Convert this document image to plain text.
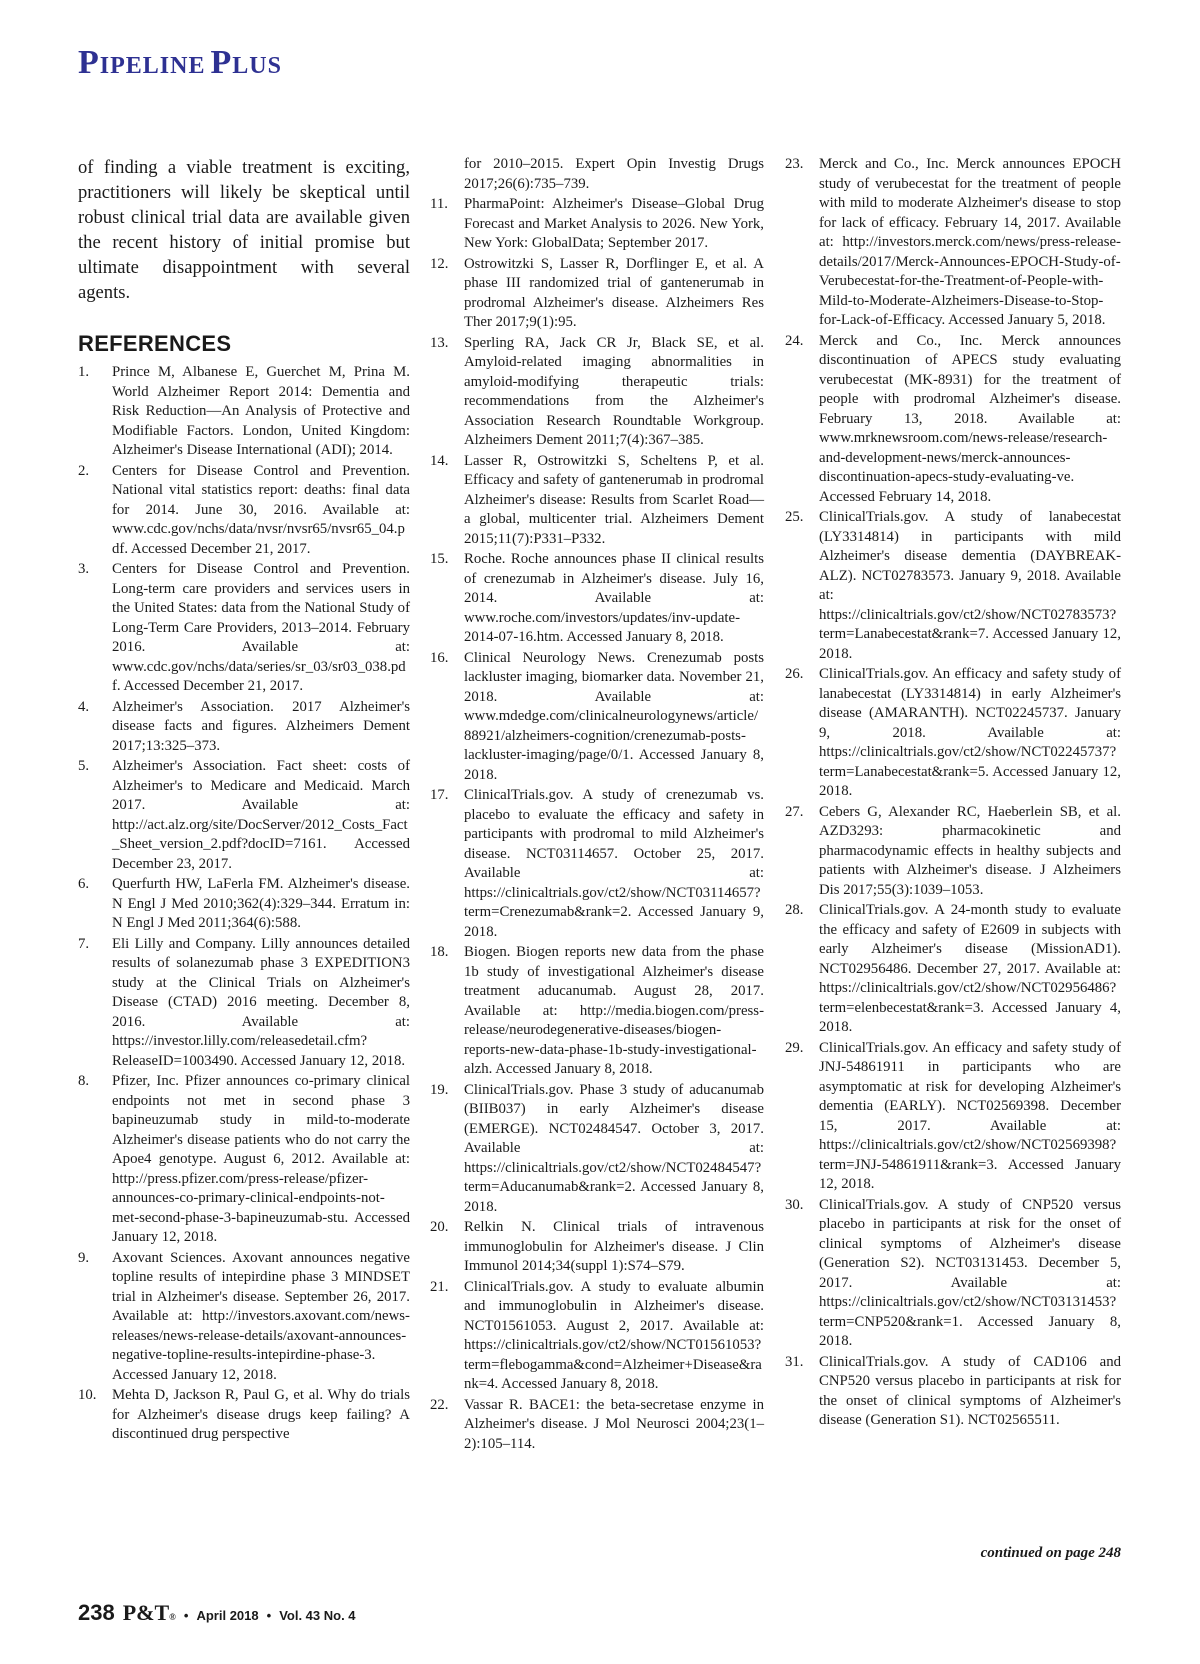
PIPELINE PLUS

of finding a viable treatment is exciting, practitioners will likely be skeptical until robust clinical trial data are available given the recent history of initial promise but ultimate disappointment with several agents.

REFERENCES
1. Prince M, Albanese E, Guerchet M, Prina M. World Alzheimer Report 2014: Dementia and Risk Reduction—An Analysis of Protective and Modifiable Factors. London, United Kingdom: Alzheimer's Disease International (ADI); 2014.
2. Centers for Disease Control and Prevention. National vital statistics report: deaths: final data for 2014. June 30, 2016. Available at: www.cdc.gov/nchs/data/nvsr/nvsr65/nvsr65_04.pdf. Accessed December 21, 2017.
3. Centers for Disease Control and Prevention. Long-term care providers and services users in the United States: data from the National Study of Long-Term Care Providers, 2013–2014. February 2016. Available at: www.cdc.gov/nchs/data/series/sr_03/sr03_038.pdf. Accessed December 21, 2017.
4. Alzheimer's Association. 2017 Alzheimer's disease facts and figures. Alzheimers Dement 2017;13:325–373.
5. Alzheimer's Association. Fact sheet: costs of Alzheimer's to Medicare and Medicaid. March 2017. Available at: http://act.alz.org/site/DocServer/2012_Costs_Fact_Sheet_version_2.pdf?docID=7161. Accessed December 23, 2017.
6. Querfurth HW, LaFerla FM. Alzheimer's disease. N Engl J Med 2010;362(4):329–344. Erratum in: N Engl J Med 2011;364(6):588.
7. Eli Lilly and Company. Lilly announces detailed results of solanezumab phase 3 EXPEDITION3 study at the Clinical Trials on Alzheimer's Disease (CTAD) 2016 meeting. December 8, 2016. Available at: https://investor.lilly.com/releasedetail.cfm?ReleaseID=1003490. Accessed January 12, 2018.
8. Pfizer, Inc. Pfizer announces co-primary clinical endpoints not met in second phase 3 bapineuzumab study in mild-to-moderate Alzheimer's disease patients who do not carry the Apoe4 genotype. August 6, 2012. Available at: http://press.pfizer.com/press-release/pfizer-announces-co-primary-clinical-endpoints-not-met-second-phase-3-bapineuzumab-stu. Accessed January 12, 2018.
9. Axovant Sciences. Axovant announces negative topline results of intepirdine phase 3 MINDSET trial in Alzheimer's disease. September 26, 2017. Available at: http://investors.axovant.com/news-releases/news-release-details/axovant-announces-negative-topline-results-intepirdine-phase-3. Accessed January 12, 2018.
10. Mehta D, Jackson R, Paul G, et al. Why do trials for Alzheimer's disease drugs keep failing? A discontinued drug perspective
for 2010–2015. Expert Opin Investig Drugs 2017;26(6):735–739.
11. PharmaPoint: Alzheimer's Disease–Global Drug Forecast and Market Analysis to 2026. New York, New York: GlobalData; September 2017.
12. Ostrowitzki S, Lasser R, Dorflinger E, et al. A phase III randomized trial of gantenerumab in prodromal Alzheimer's disease. Alzheimers Res Ther 2017;9(1):95.
13. Sperling RA, Jack CR Jr, Black SE, et al. Amyloid-related imaging abnormalities in amyloid-modifying therapeutic trials: recommendations from the Alzheimer's Association Research Roundtable Workgroup. Alzheimers Dement 2011;7(4):367–385.
14. Lasser R, Ostrowitzki S, Scheltens P, et al. Efficacy and safety of gantenerumab in prodromal Alzheimer's disease: Results from Scarlet Road—a global, multicenter trial. Alzheimers Dement 2015;11(7):P331–P332.
15. Roche. Roche announces phase II clinical results of crenezumab in Alzheimer's disease. July 16, 2014. Available at: www.roche.com/investors/updates/inv-update-2014-07-16.htm. Accessed January 8, 2018.
16. Clinical Neurology News. Crenezumab posts lackluster imaging, biomarker data. November 21, 2018. Available at: www.mdedge.com/clinicalneurologynews/article/88921/alzheimers-cognition/crenezumab-posts-lackluster-imaging/page/0/1. Accessed January 8, 2018.
17. ClinicalTrials.gov. A study of crenezumab vs. placebo to evaluate the efficacy and safety in participants with prodromal to mild Alzheimer's disease. NCT03114657. October 25, 2017. Available at: https://clinicaltrials.gov/ct2/show/NCT03114657?term=Crenezumab&rank=2. Accessed January 9, 2018.
18. Biogen. Biogen reports new data from the phase 1b study of investigational Alzheimer's disease treatment aducanumab. August 28, 2017. Available at: http://media.biogen.com/press-release/neurodegenerative-diseases/biogen-reports-new-data-phase-1b-study-investigational-alzh. Accessed January 8, 2018.
19. ClinicalTrials.gov. Phase 3 study of aducanumab (BIIB037) in early Alzheimer's disease (EMERGE). NCT02484547. October 3, 2017. Available at: https://clinicaltrials.gov/ct2/show/NCT02484547?term=Aducanumab&rank=2. Accessed January 8, 2018.
20. Relkin N. Clinical trials of intravenous immunoglobulin for Alzheimer's disease. J Clin Immunol 2014;34(suppl 1):S74–S79.
21. ClinicalTrials.gov. A study to evaluate albumin and immunoglobulin in Alzheimer's disease. NCT01561053. August 2, 2017. Available at: https://clinicaltrials.gov/ct2/show/NCT01561053?term=flebogamma&cond=Alzheimer+Disease&rank=4. Accessed January 8, 2018.
22. Vassar R. BACE1: the beta-secretase enzyme in Alzheimer's disease. J Mol Neurosci 2004;23(1–2):105–114.
23. Merck and Co., Inc. Merck announces EPOCH study of verubecestat for the treatment of people with mild to moderate Alzheimer's disease to stop for lack of efficacy. February 14, 2017. Available at: http://investors.merck.com/news/press-release-details/2017/Merck-Announces-EPOCH-Study-of-Verubecestat-for-the-Treatment-of-People-with-Mild-to-Moderate-Alzheimers-Disease-to-Stop-for-Lack-of-Efficacy. Accessed January 5, 2018.
24. Merck and Co., Inc. Merck announces discontinuation of APECS study evaluating verubecestat (MK-8931) for the treatment of people with prodromal Alzheimer's disease. February 13, 2018. Available at: www.mrknewsroom.com/news-release/research-and-development-news/merck-announces-discontinuation-apecs-study-evaluating-ve. Accessed February 14, 2018.
25. ClinicalTrials.gov. A study of lanabecestat (LY3314814) in participants with mild Alzheimer's disease dementia (DAYBREAK-ALZ). NCT02783573. January 9, 2018. Available at: https://clinicaltrials.gov/ct2/show/NCT02783573?term=Lanabecestat&rank=7. Accessed January 12, 2018.
26. ClinicalTrials.gov. An efficacy and safety study of lanabecestat (LY3314814) in early Alzheimer's disease (AMARANTH). NCT02245737. January 9, 2018. Available at: https://clinicaltrials.gov/ct2/show/NCT02245737?term=Lanabecestat&rank=5. Accessed January 12, 2018.
27. Cebers G, Alexander RC, Haeberlein SB, et al. AZD3293: pharmacokinetic and pharmacodynamic effects in healthy subjects and patients with Alzheimer's disease. J Alzheimers Dis 2017;55(3):1039–1053.
28. ClinicalTrials.gov. A 24-month study to evaluate the efficacy and safety of E2609 in subjects with early Alzheimer's disease (MissionAD1). NCT02956486. December 27, 2017. Available at: https://clinicaltrials.gov/ct2/show/NCT02956486?term=elenbecestat&rank=3. Accessed January 4, 2018.
29. ClinicalTrials.gov. An efficacy and safety study of JNJ-54861911 in participants who are asymptomatic at risk for developing Alzheimer's dementia (EARLY). NCT02569398. December 15, 2017. Available at: https://clinicaltrials.gov/ct2/show/NCT02569398?term=JNJ-54861911&rank=3. Accessed January 12, 2018.
30. ClinicalTrials.gov. A study of CNP520 versus placebo in participants at risk for the onset of clinical symptoms of Alzheimer's disease (Generation S2). NCT03131453. December 5, 2017. Available at: https://clinicaltrials.gov/ct2/show/NCT03131453?term=CNP520&rank=1. Accessed January 8, 2018.
31. ClinicalTrials.gov. A study of CAD106 and CNP520 versus placebo in participants at risk for the onset of clinical symptoms of Alzheimer's disease (Generation S1). NCT02565511.
continued on page 248
238 P&T® • April 2018 • Vol. 43 No. 4
